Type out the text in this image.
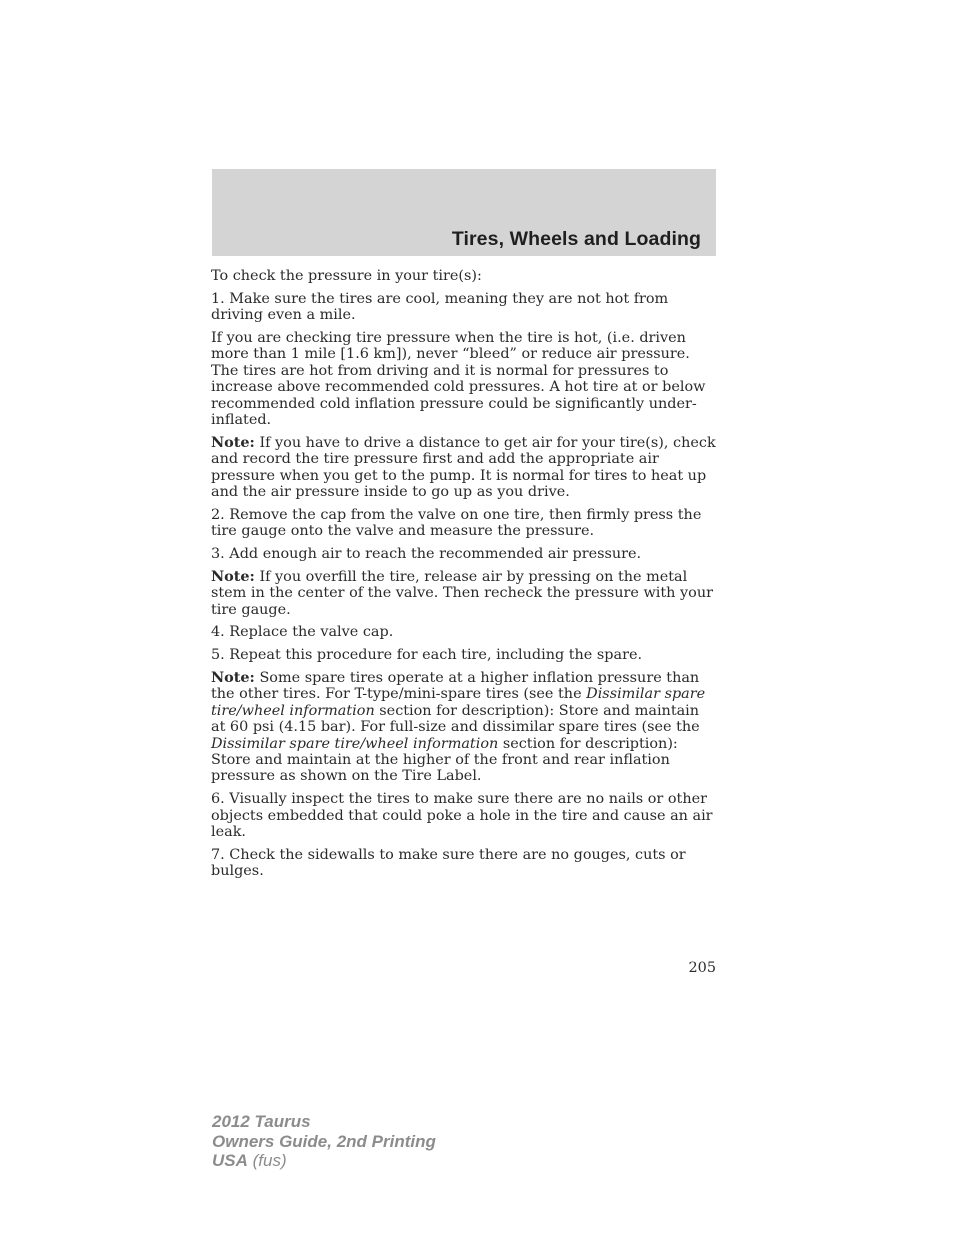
Tires, Wheels and Loading

To check the pressure in your tire(s):

1. Make sure the tires are cool, meaning they are not hot from driving even a mile.

If you are checking tire pressure when the tire is hot, (i.e. driven more than 1 mile [1.6 km]), never “bleed” or reduce air pressure. The tires are hot from driving and it is normal for pressures to increase above recommended cold pressures. A hot tire at or below recommended cold inflation pressure could be significantly under-inflated.

Note: If you have to drive a distance to get air for your tire(s), check and record the tire pressure first and add the appropriate air pressure when you get to the pump. It is normal for tires to heat up and the air pressure inside to go up as you drive.

2. Remove the cap from the valve on one tire, then firmly press the tire gauge onto the valve and measure the pressure.

3. Add enough air to reach the recommended air pressure.

Note: If you overfill the tire, release air by pressing on the metal stem in the center of the valve. Then recheck the pressure with your tire gauge.

4. Replace the valve cap.

5. Repeat this procedure for each tire, including the spare.

Note: Some spare tires operate at a higher inflation pressure than the other tires. For T-type/mini-spare tires (see the Dissimilar spare tire/wheel information section for description): Store and maintain at 60 psi (4.15 bar). For full-size and dissimilar spare tires (see the Dissimilar spare tire/wheel information section for description): Store and maintain at the higher of the front and rear inflation pressure as shown on the Tire Label.

6. Visually inspect the tires to make sure there are no nails or other objects embedded that could poke a hole in the tire and cause an air leak.

7. Check the sidewalls to make sure there are no gouges, cuts or bulges.

205
2012 Taurus
Owners Guide, 2nd Printing
USA (fus)
